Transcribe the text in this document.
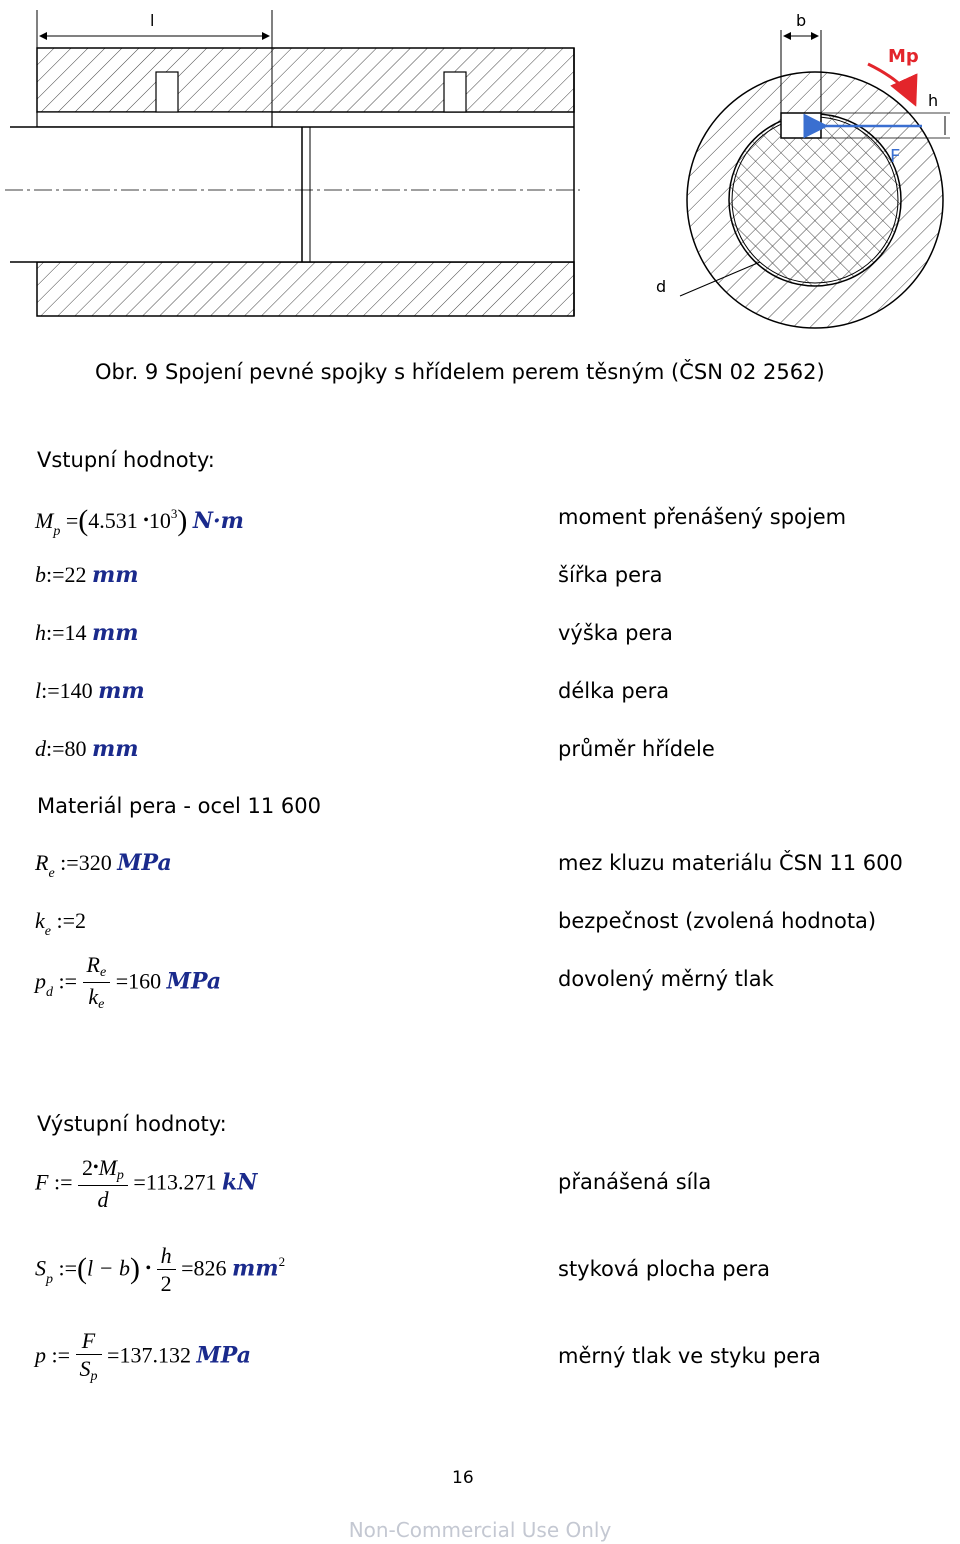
l	b
h
Mp
F
d
Obr. 9 Spojení pevné spojky s hřídelem perem těsným (ČSN 02 2562)
Vstupní hodnoty:
$M_p =(4.531$ $•10^3$) N·m	moment přenášený spojem
b:=22 mm	šířka pera
h:=14 mm	výška pera
l:=140 mm	délka pera
d:=80 mm	průměr hřídele
Materiál pera - ocel 11 600
$R_e$ :=320 MPa	mez kluzu materiálu ČSN 11 600
$k_e$ :=2	bezpečnost (zvolená hodnota)
$p_d$ := $\frac{Re}{ke} =160$ MPa	dovolený měrný tlak
Výstupní hodnoty:
F := $\frac{2•Mp}{d} =113.271$ kN	přanášená síla
$S_p$ :=(l − b) • $\frac{h}{2} =826$ $mm^2$	styková plocha pera
p := $\frac{F}{Sp} =137.132$ MPa	měrný tlak ve styku pera
16
Non-Commercial Use Only
